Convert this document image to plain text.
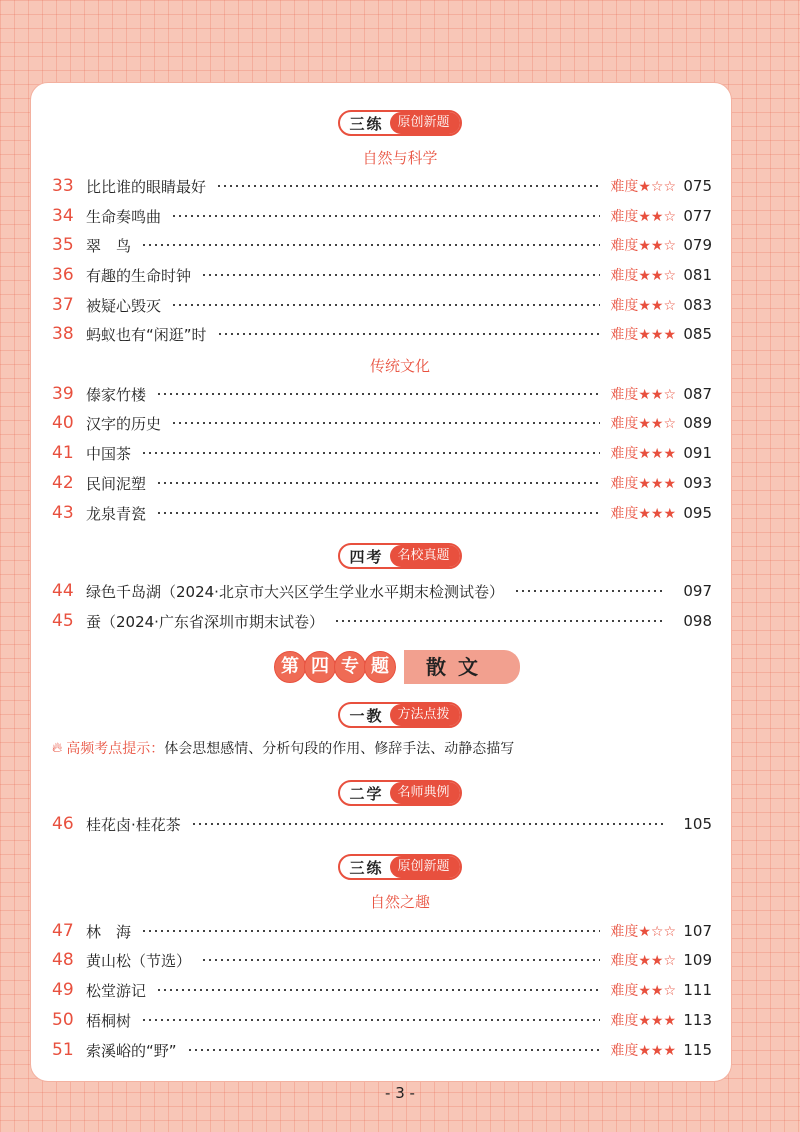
三练	原创新题
自然与科学
33 比比谁的眼睛最好	难度★☆☆ 075
34 生命奏鸣曲	难度★★☆ 077
35 翠　鸟	难度★★☆ 079
36 有趣的生命时钟	难度★★☆ 081
37 被疑心毁灭	难度★★☆ 083
38 蚂蚁也有“闲逛”时	难度★★★ 085
传统文化
39 傣家竹楼	难度★★☆ 087
40 汉字的历史	难度★★☆ 089
41 中国茶	难度★★★ 091
42 民间泥塑	难度★★★ 093
43 龙泉青瓷	难度★★★ 095
四考	名校真题
44 绿色千岛湖（2024·北京市大兴区学生学业水平期末检测试卷）	097
45 蚕（2024·广东省深圳市期末试卷）	098
第 四 专 题	散文
一教	方法点拨
🔥︎ 高频考点提示： 体会思想感情、分析句段的作用、修辞手法、动静态描写
二学	名师典例
46 桂花卤·桂花茶	105
三练	原创新题
自然之趣
47 林　海	难度★☆☆ 107
48 黄山松（节选）	难度★★☆ 109
49 松堂游记	难度★★☆ 111
50 梧桐树	难度★★★ 113
51 索溪峪的“野”	难度★★★ 115
- 3 -
